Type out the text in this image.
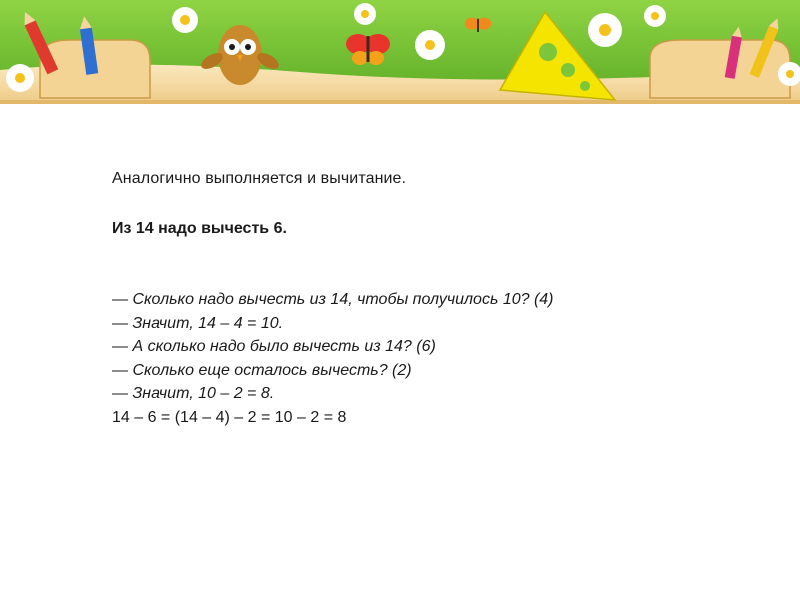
Аналогично выполняется и вычитание.

Из 14 надо вычесть 6.

— Сколько надо вычесть из 14, чтобы получилось 10? (4)
— Значит, 14 – 4 = 10.
— А сколько надо было вычесть из 14? (6)
— Сколько еще осталось вычесть? (2)
— Значит, 10 – 2 = 8.
14 – 6 = (14 – 4) – 2 = 10 – 2 = 8
